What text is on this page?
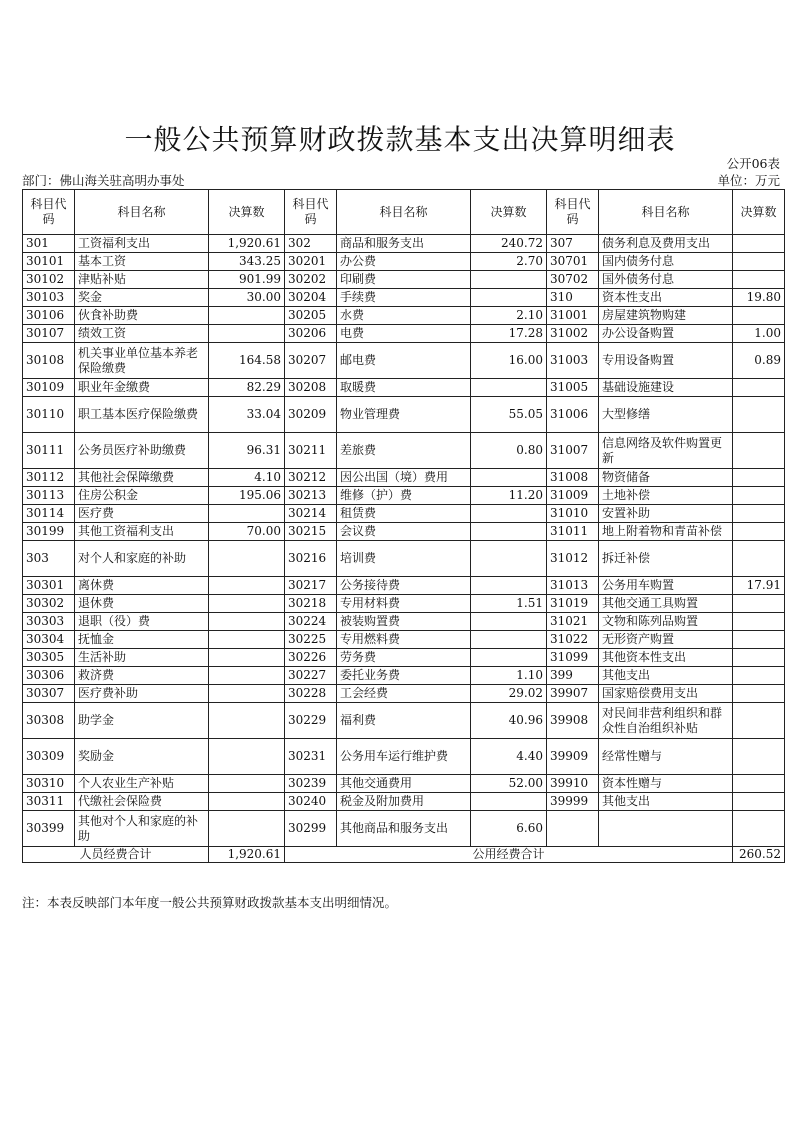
一般公共预算财政拨款基本支出决算明细表
公开06表
部门：佛山海关驻高明办事处	单位：万元
科目代码	科目名称	决算数	科目代码	科目名称	决算数	科目代码	科目名称	决算数
301	工资福利支出	1,920.61	302	商品和服务支出	240.72	307	债务利息及费用支出	
30101	基本工资	343.25	30201	办公费	2.70	30701	国内债务付息	
30102	津贴补贴	901.99	30202	印刷费		30702	国外债务付息	
30103	奖金	30.00	30204	手续费		310	资本性支出	19.80
30106	伙食补助费		30205	水费	2.10	31001	房屋建筑物购建	
30107	绩效工资		30206	电费	17.28	31002	办公设备购置	1.00
30108	机关事业单位基本养老保险缴费	164.58	30207	邮电费	16.00	31003	专用设备购置	0.89
30109	职业年金缴费	82.29	30208	取暖费		31005	基础设施建设	
30110	职工基本医疗保险缴费	33.04	30209	物业管理费	55.05	31006	大型修缮	
30111	公务员医疗补助缴费	96.31	30211	差旅费	0.80	31007	信息网络及软件购置更新	
30112	其他社会保障缴费	4.10	30212	因公出国（境）费用		31008	物资储备	
30113	住房公积金	195.06	30213	维修（护）费	11.20	31009	土地补偿	
30114	医疗费		30214	租赁费		31010	安置补助	
30199	其他工资福利支出	70.00	30215	会议费		31011	地上附着物和青苗补偿	
303	对个人和家庭的补助		30216	培训费		31012	拆迁补偿	
30301	离休费		30217	公务接待费		31013	公务用车购置	17.91
30302	退休费		30218	专用材料费	1.51	31019	其他交通工具购置	
30303	退职（役）费		30224	被装购置费		31021	文物和陈列品购置	
30304	抚恤金		30225	专用燃料费		31022	无形资产购置	
30305	生活补助		30226	劳务费		31099	其他资本性支出	
30306	救济费		30227	委托业务费	1.10	399	其他支出	
30307	医疗费补助		30228	工会经费	29.02	39907	国家赔偿费用支出	
30308	助学金		30229	福利费	40.96	39908	对民间非营利组织和群众性自治组织补贴	
30309	奖励金		30231	公务用车运行维护费	4.40	39909	经常性赠与	
30310	个人农业生产补贴		30239	其他交通费用	52.00	39910	资本性赠与	
30311	代缴社会保险费		30240	税金及附加费用		39999	其他支出	
30399	其他对个人和家庭的补助		30299	其他商品和服务支出	6.60			
人员经费合计		1,920.61	公用经费合计					260.52
注：本表反映部门本年度一般公共预算财政拨款基本支出明细情况。
